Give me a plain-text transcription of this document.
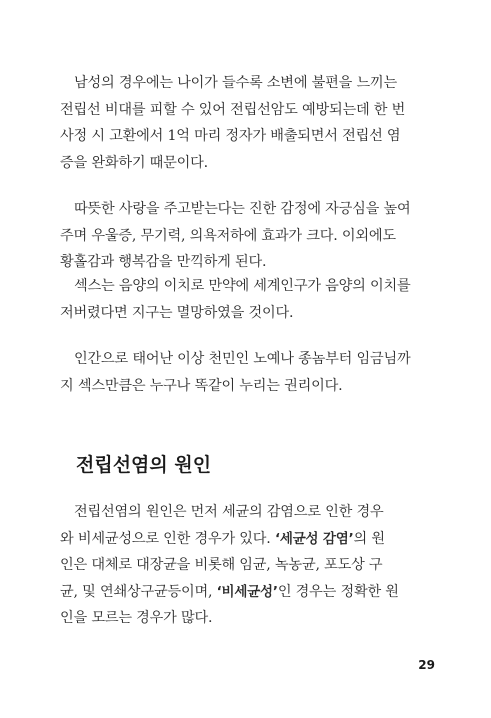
남성의 경우에는 나이가 들수록 소변에 불편을 느끼는
전립선 비대를 피할 수 있어 전립선암도 예방되는데 한 번
사정 시 고환에서 1억 마리 정자가 배출되면서 전립선 염
증을 완화하기 때문이다.

따뜻한 사랑을 주고받는다는 진한 감정에 자긍심을 높여
주며 우울증, 무기력, 의욕저하에 효과가 크다. 이외에도
황홀감과 행복감을 만끽하게 된다.

섹스는 음양의 이치로 만약에 세계인구가 음양의 이치를
저버렸다면 지구는 멸망하였을 것이다.

인간으로 태어난 이상 천민인 노예나 종놈부터 임금님까
지 섹스만큼은 누구나 똑같이 누리는 권리이다.

전립선염의 원인

전립선염의 원인은 먼저 세균의 감염으로 인한 경우
와 비세균성으로 인한 경우가 있다. ‘세균성 감염’의 원
인은 대체로 대장균을 비롯해 임균, 녹농균, 포도상 구
균, 및 연쇄상구균등이며, ‘비세균성’인 경우는 정확한 원
인을 모르는 경우가 많다.

29
